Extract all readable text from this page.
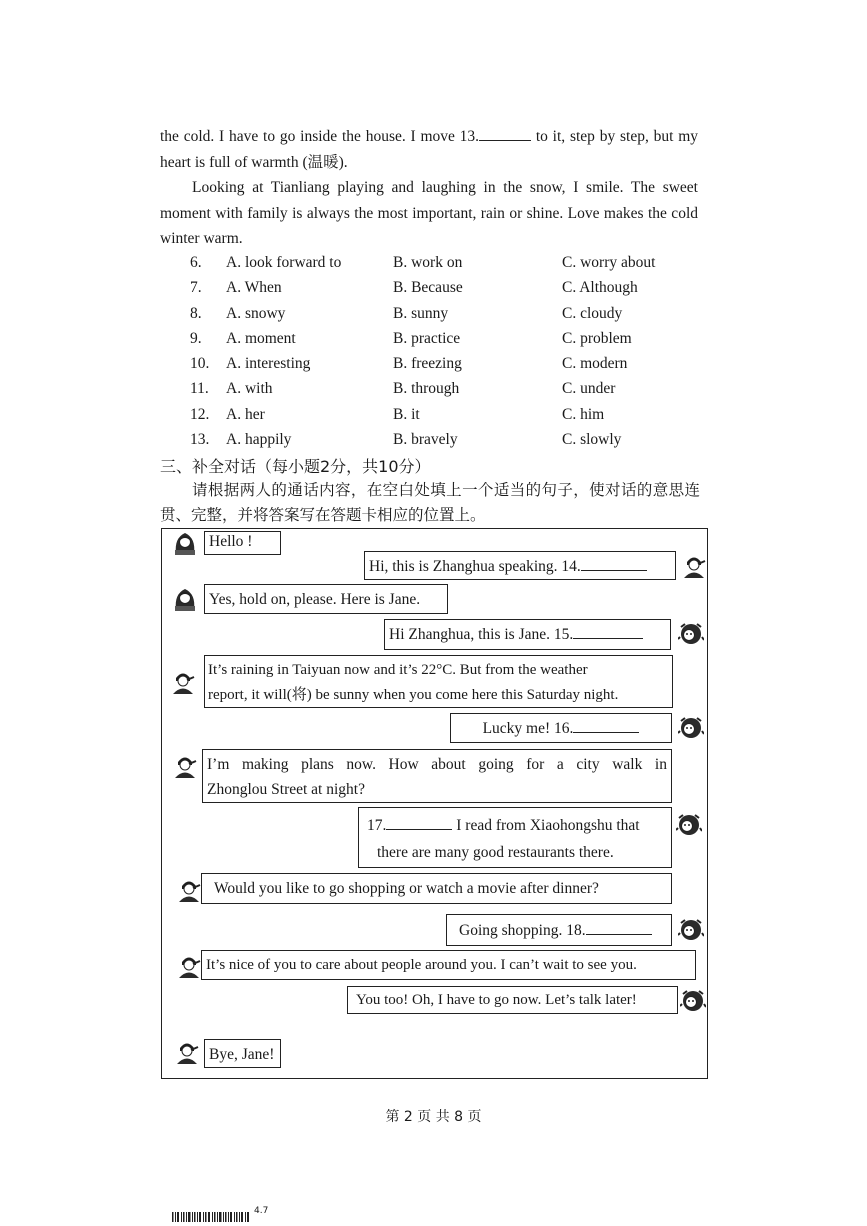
the cold. I have to go inside the house. I move 13.	to it, step by step, but my heart is full of warmth (温暖).

Looking at Tianliang playing and laughing in the snow, I smile. The sweet moment with family is always the most important, rain or shine. Love makes the cold winter warm.

6. A. look forward to	B. work on	C. worry about
7. A. When	B. Because	C. Although
8. A. snowy	B. sunny	C. cloudy
9. A. moment	B. practice	C. problem
10. A. interesting	B. freezing	C. modern
11. A. with	B. through	C. under
12. A. her	B. it	C. him
13. A. happily	B. bravely	C. slowly
三、补全对话（每小题2分，共10分）

请根据两人的通话内容，在空白处填上一个适当的句子，使对话的意思连贯、完整，并将答案写在答题卡相应的位置上。

Hello !
Hi, this is Zhanghua speaking. 14.
Yes, hold on, please. Here is Jane.
Hi Zhanghua, this is Jane. 15.
It’s raining in Taiyuan now and it’s 22°C. But from the weather
report, it will(将) be sunny when you come here this Saturday night.
Lucky me! 16.
I’m making plans now. How about going for a city walk in
Zhonglou Street at night?
17.	I read from Xiaohongshu that
there are many good restaurants there.
Would you like to go shopping or watch a movie after dinner?
Going shopping. 18.
It’s nice of you to care about people around you. I can’t wait to see you.
You too! Oh, I have to go now. Let’s talk later!
Bye, Jane!
第 2 页 共 8 页
4.7
